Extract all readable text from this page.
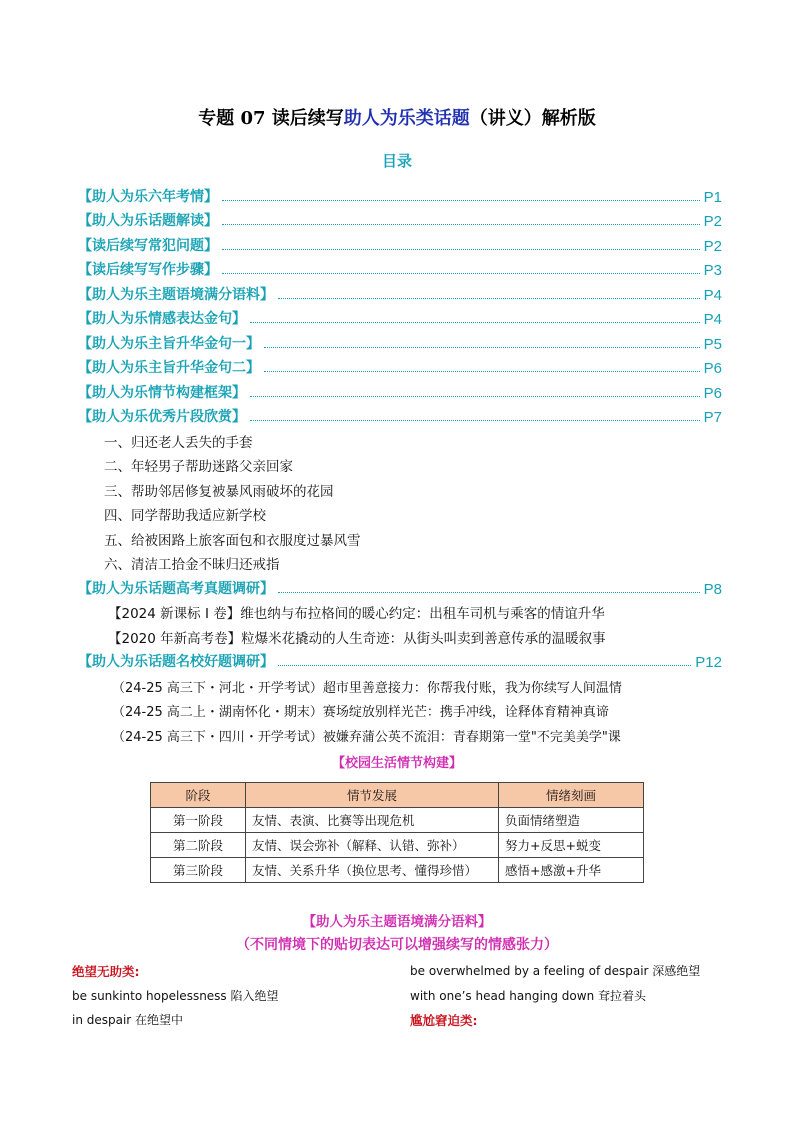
专题 07 读后续写助人为乐类话题（讲义）解析版
目录
【助人为乐六年考情】	P1
【助人为乐话题解读】	P2
【读后续写常犯问题】	P2
【读后续写写作步骤】	P3
【助人为乐主题语境满分语料】	P4
【助人为乐情感表达金句】	P4
【助人为乐主旨升华金句一】	P5
【助人为乐主旨升华金句二】	P6
【助人为乐情节构建框架】	P6
【助人为乐优秀片段欣赏】	P7
一、归还老人丢失的手套
二、年轻男子帮助迷路父亲回家
三、帮助邻居修复被暴风雨破坏的花园
四、同学帮助我适应新学校
五、给被困路上旅客面包和衣服度过暴风雪
六、清洁工拾金不昧归还戒指
【助人为乐话题高考真题调研】	P8
【2024 新课标 I 卷】维也纳与布拉格间的暖心约定：出租车司机与乘客的情谊升华
【2020 年新高考卷】粒爆米花撬动的人生奇迹：从街头叫卖到善意传承的温暖叙事
【助人为乐话题名校好题调研】	P12
（24-25 高三下・河北・开学考试）超市里善意接力：你帮我付账，我为你续写人间温情
（24-25 高二上・湖南怀化・期末）赛场绽放别样光芒：携手冲线，诠释体育精神真谛
（24-25 高三下・四川・开学考试）被嫌弃蒲公英不流泪：青春期第一堂"不完美美学"课
【校园生活情节构建】
阶段	情节发展	情绪刻画
第一阶段	友情、表演、比赛等出现危机	负面情绪塑造
第二阶段	友情、误会弥补（解释、认错、弥补）	努力+反思+蜕变
第三阶段	友情、关系升华（换位思考、懂得珍惜）	感悟+感激+升华
【助人为乐主题语境满分语料】
（不同情境下的贴切表达可以增强续写的情感张力）
绝望无助类:
be sunkinto hopelessness 陷入绝望
in despair 在绝望中
be overwhelmed by a feeling of despair 深感绝望
with one’s head hanging down 耷拉着头
尴尬窘迫类:
